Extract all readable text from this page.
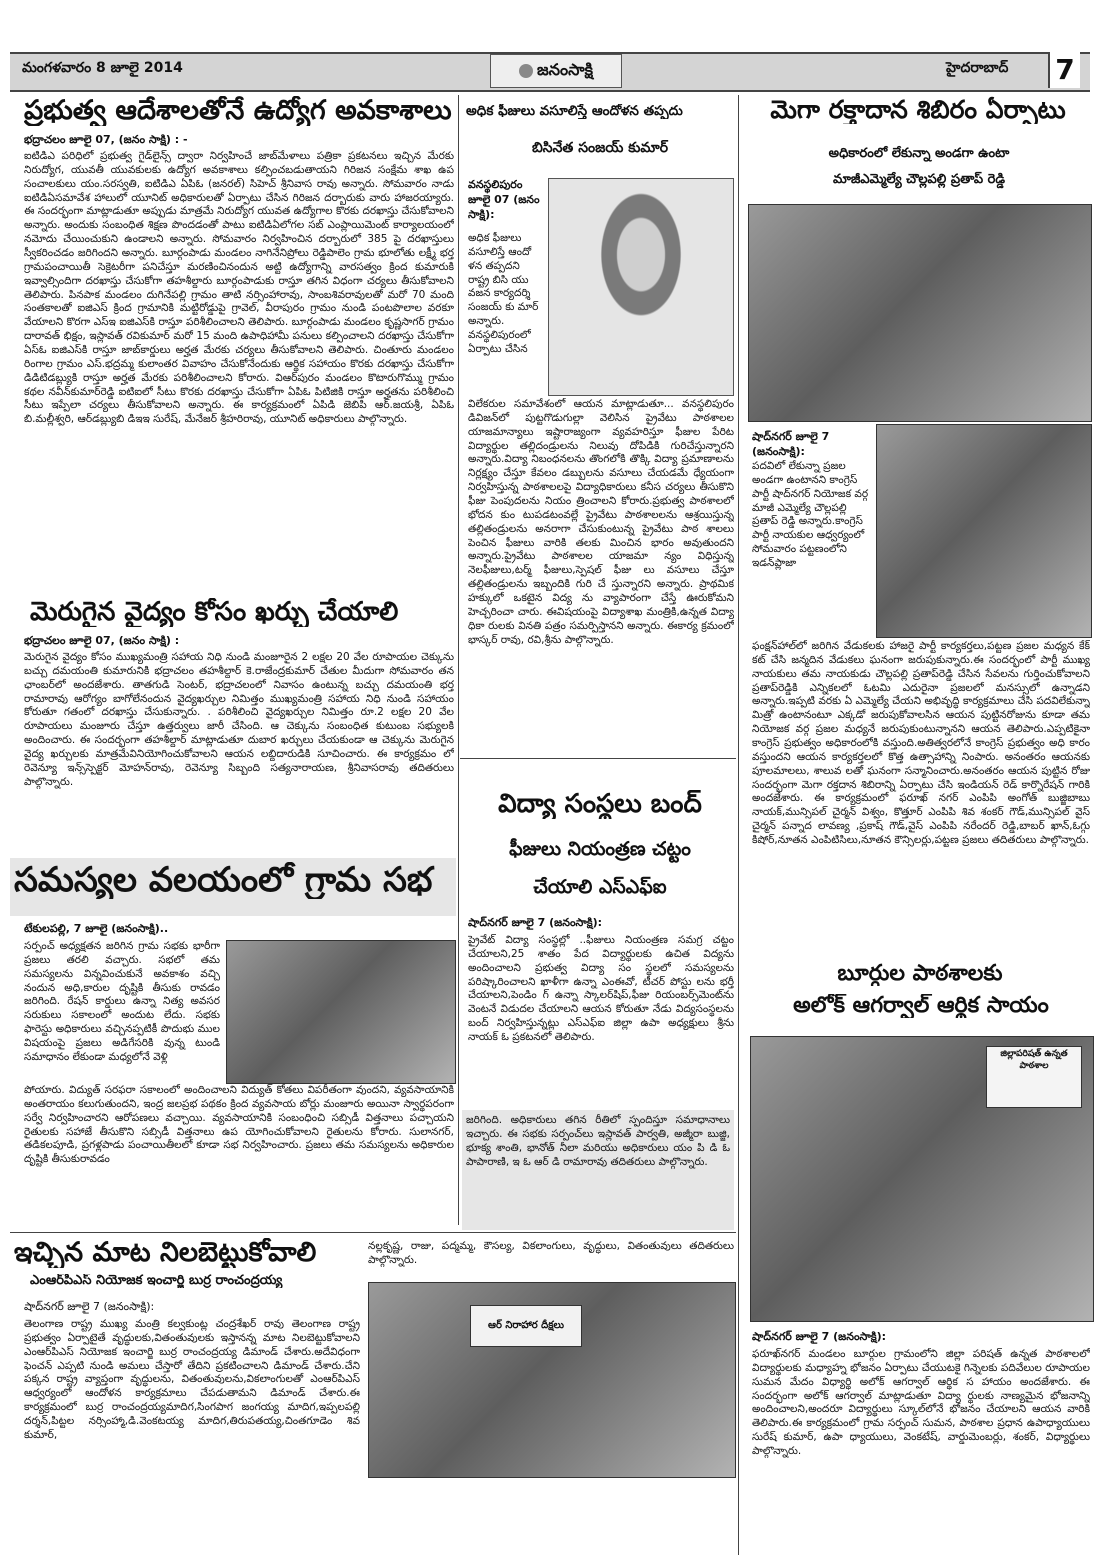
మంగళవారం 8 జూలై 2014	జనంసాక్షి	హైదరాబాద్ 7
ప్రభుత్వ ఆదేశాలతోనే ఉద్యోగ అవకాశాలు
భద్రాచలం జూలై 07, (జనం సాక్షి) : -
ఐటిడిఎ పరిధిలో ప్రభుత్వ గైడ్‌లైన్స్‌ ద్వారా నిర్వహించే జాబ్‌మేళాలు పత్రికా ప్రకటనలు ఇచ్చిన మేరకు నిరుద్యోగ, యువతీ యువకులకు ఉద్యోగ అవకాశాలు కల్పించబడుతాయని గిరిజన సంక్షేమ శాఖ ఉప సంచాలకులు యం.సరస్వతి, ఐటిడిఎ ఏపిఓ (జనరల్‌) సిహెచ్‌ శ్రీనివాస రావు అన్నారు. సోమవారం నాడు ఐటిడిఏసమావేశ హాలులో యూనిట్‌ అధికారులతో ఏర్పాటు చేసిన గిరిజన దర్బారుకు వారు హాజరయ్యారు. ఈ సందర్భంగా మాట్లాడుతూ అప్పుడు మాత్రమే నిరుద్యోగ యువత ఉద్యోగాల కొరకు దరఖాస్తు చేసుకోవాలని అన్నారు. అందుకు సంబంధిత శిక్షణ పొందడంతో పాటు ఐటిడిఏలోగల సబ్‌ ఎంప్లాయిమెంట్‌ కార్యాలయంలో నమోదు చేయించుకుని ఉండాలని అన్నారు. సోమవారం నిర్వహించిన దర్బారులో 385 పై దరఖాస్తులు స్వీకరించడం జరిగిందని అన్నారు. బూర్గంపాడు మండలం నాగినేనిప్రోలు రెడ్డిపాలెం గ్రామ భూలోతు లక్ష్మీ భర్త గ్రామపంచాయితీ సెక్రెటరీగా పనిచేస్తూ మరణించినందున అట్టి ఉద్యోగాన్ని వారసత్వం క్రింద కుమారుకి ఇవ్వాల్సిందిగా దరఖాస్తు చేసుకోగా తహశీల్దారు బూర్గంపాడుకు రాస్తూ తగిన విధంగా చర్యలు తీసుకోవాలని తెలిపారు. పినపాక మండలం దుగినేపల్లి గ్రామం తాటి నర్సింహారావు, సాంబశివరావులతో మరో 70 మంది సంతకాలతో ఐజిఎస్‌ క్రింద గ్రామానికి మట్టిరోడ్డుపై గ్రావెల్‌, వీరాపురం గ్రామం నుండి పంటపొలాల వరకూ వేయాలని కొరగా ఎస్‌ఇ ఐజిఎస్‌కి రాస్తూ పరిశీలించాలని తెలిపారు. బూర్గంపాడు మండలం కృష్ణసాగర్‌ గ్రామం దారావత్‌ భిక్షం, ఇస్లావత్‌ రవికుమార్‌ మరో 15 మంది ఉపాధిహామీ పనులు కల్పించాలని దరఖాస్తు చేసుకోగా ఏస్‌ఓ ఐజిఎస్‌కి రాస్తూ జాబ్‌కార్డులు అర్హత మేరకు చర్యలు తీసుకోవాలని తెలిపారు. చింతూరు మండలం రింగాల గ్రామం ఎస్‌.భద్రమ్మ కులాంతర వివాహం చేసుకోనేందుకు ఆర్థిక సహాయం కొరకు దరఖాస్తు చేసుకోగా డిడిటిడబ్ల్యుకి రాస్తూ అర్హత మేరకు పరిశీలించాలని కోరారు. విఆర్‌పురం మండలం కొటారుగొమ్ము గ్రామం కథల నవీన్‌కుమార్‌రెడ్డి ఐటిఐలో సీటు కొరకు దరఖాస్తు చేసుకోగా ఏపిఓ పిటిజికి రాస్తూ అర్హతను పరిశీలించి సీటు ఇప్పేలా చర్యలు తీసుకోవాలని అన్నారు. ఈ కార్యక్రమంలో ఏపిడి జెబిపి ఆర్‌.జయశ్రీ, ఏపిఓ బి.మల్లీశ్వరి, ఆర్‌డబ్ల్యుబి డిఇఇ సురేష్‌, మేనేజర్‌ శ్రీహరిరావు, యూనిట్‌ అధికారులు పాల్గొన్నారు.
మెరుగైన వైద్యం కోసం ఖర్చు చేయాలి
భద్రాచలం జూలై 07, (జనం సాక్షి) :
మెరుగైన వైద్యం కోసం ముఖ్యమంత్రి సహాయ నిధి నుండి మంజూరైన 2 లక్షల 20 వేల రూపాయల చెక్కును బచ్చు దమయంతి కుమారునికి భద్రాచలం తహశీల్దార్‌ కె.రాజేంద్రకుమార్‌ చేతుల మీదుగా సోమవారం తన ఛాంబర్‌లో అందజేశారు. తాతగుడి సెంటర్‌, భద్రాచలంలో నివాసం ఉంటున్న బచ్చు దమయంతి భర్త రామారావు ఆరోగ్యం బాగోలేనందున వైద్యఖర్చుల నిమిత్తం ముఖ్యమంత్రి సహాయ నిధి నుండి సహాయం కోరుతూ గతంలో దరఖాస్తు చేసుకున్నారు. . పరిశీలించి వైద్యఖర్చుల నిమిత్తం రూ.2 లక్షల 20 వేల రూపాయలు మంజూరు చేస్తూ ఉత్తర్వులు జారీ చేసింది. ఆ చెక్కును సంబంధిత కుటుంబ సభ్యులకి అందించారు. ఈ సందర్భంగా తహశీల్దార్‌ మాట్లాడుతూ దుబార ఖర్చులు చేయకుండా ఆ చెక్కును మెరుగైన వైద్య ఖర్చులకు మాత్రమేవినియోగించుకోవాలని ఆయన లబ్దిదారుడికి సూచించారు. ఈ కార్యక్రమం లో రెవెన్యూ ఇన్స్‌స్పెక్టర్‌ మోహన్‌రావు, రెవెన్యూ సిబ్బంది సత్యనారాయణ, శ్రీనివాసరావు తదితరులు పాల్గొన్నారు.
సమస్యల వలయంలో గ్రామ సభ
టేకులపల్లి, 7 జూలై (జనంసాక్షి)..
సర్పంచ్‌ అధ్యక్షతన జరిగిన గ్రామ సభకు భారీగా ప్రజలు తరలి వచ్చారు. సభలో తమ సమస్యలను విన్నవించుకునే అవకాశం వచ్చి నందున అధి,కారుల దృష్టికి తీసుకు రావడం జరిగింది. రేషన్‌ కార్డులు ఉన్నా నిత్య అవసర సరుకులు సకాలంలో అందుట లేదు. సభకు ఫారెస్టు అధికారులు వచ్చినప్పటికీ పొదుభు ముల విషయంపై ప్రజలు అడిగేసరికి వున్న టుండి సమాధానం లేకుండా మధ్యలోనే వెళ్లి
పోయారు. విద్యుత్‌ సరఫరా సకాలంలో అందించాలని విద్యుత్‌ కోతలు విపరీతంగా వుందని, వ్యవసాయానికి అంతరాయం కలుగుతుందని, ఇంద్ర జలప్రభ పథకం క్రింద వ్యవసాయ బోర్లు మంజూరు అయినా స్వార్థపరంగా సర్వే నిర్వహించారని ఆరోపణలు వచ్చాయి. వ్యవసాయానికి సంబంధించి సబ్సిడీ విత్తనాలు పచ్చాయని రైతులకు సహాజే తీసుకొని సబ్సిడీ విత్తనాలు ఉప యోగించుకోవాలని రైతులను కోరారు. సులానగర్‌, తడికలపూడి, ప్రగళ్లపాడు పంచాయితీలలో కూడా సభ నిర్వహించారు. ప్రజలు తమ సమస్యలను అధికారుల దృష్టికి తీసుకురావడం
జరిగింది. అధికారులు తగిన రీతిలో స్పందిస్తూ సమాధానాలు ఇచ్చారు. ఈ సభకు సర్పంచ్‌లు ఇస్లావత్‌ పార్వతి, అజ్మీరా బుజ్జి, భూక్య శాంతి, భానోత్‌ నీలా మరియు అధికారులు యం పి డి ఓ పాపారాణి, ఇ ఓ ఆర్‌ డి రామారావు తదితరులు పాల్గొన్నారు.
ఇచ్చిన మాట నిలబెట్టుకోవాలి
ఎంఆర్‌పిఎస్‌ నియోజక ఇంచార్జి బుర్ర రాంచంద్రయ్య
షాద్‌నగర్‌ జూలై 7 (జనంసాక్షి):
తెలంగాణ రాష్ట్ర ముఖ్య మంత్రి కల్వకుంట్ల చంద్రశేఖర్‌ రావు తెలంగాణ రాష్ట్ర ప్రభుత్వం ఏర్పాటైతే వృద్ధులకు,వితంతువులకు ఇస్తానన్న మాట నిలబెట్టుకోవాలని ఎంఆర్‌పిఎస్‌ నియోజక ఇంచార్జి బుర్ర రాంచంద్రయ్య డిమాండ్‌ చేశారు.అదేవిధంగా ఫెంచన్‌ ఎప్పటి నుండి అమలు చేస్తారో తేదిని ప్రకటించాలని డిమాండ్‌ చేశారు.చేని పక్కన రాష్ట్ర వ్యాప్తంగా వృద్ధులను, వితంతువులను,వికలాంగులతో ఎంఆర్‌పిఎస్‌ ఆధ్వర్యంలో ఆందోళన కార్యక్రమాలు చేపడుతామని డిమాండ్‌ చేశారు.ఈ కార్యక్రమంలో బుర్ర రాంచంద్రయ్యమాదిగ,సింగపాగ జంగయ్య మాదిగ,ఇప్పలపల్లి దర్శన్‌,పిట్టల నర్సింహ్మా,డి.వెంకటయ్య మాదిగ,తిరుపతయ్య,చింతగూడెం శివ కుమార్‌,
నల్లకృష్ణ, రాజు, పద్మమ్మ, కౌసల్య, వికలాంగులు, వృద్ధులు, వితంతువులు తదితరులు పాల్గొన్నారు.
ఆర్‌ నిరాహార దీక్షలు
అధిక ఫీజులు వసూలిస్తే ఆందోళన తప్పదు
బిసినేత సంజయ్‌ కుమార్‌
వనస్థలిపురం జూలై 07 (జనం సాక్షి):
అధిక ఫీజులు వసూలిస్తే ఆందో ళన తప్పదని రాష్ట్ర బిసి యు వజన కార్యదర్శి సంజయ్‌ కు మార్‌ అన్నారు. వనస్థలిపురంలో ఏర్పాటు చేసిన
విలేకరుల సమావేశంలో ఆయన మాట్లాడుతూ... వనస్థలిపురం డివిజన్‌లో పుట్టగొడుగుల్లా వెలిసిన ప్రైవేటు పాఠశాలల యాజమాన్యాలు ఇష్టారాజ్యంగా వ్యవహరిస్తూ ఫీజుల పేరిట విద్యార్థుల తల్లిదండ్రులను నిలువు దోపిడికి గురిచేస్తున్నారని అన్నారు.విద్యా నిబంధనలను తొంగలోకి తొక్కి విద్యా ప్రమాణాలను నిర్లక్ష్యం చేస్తూ కేవలం డబ్బులను వసూలు చేయడమే ధ్యేయంగా నిర్వహిస్తున్న పాఠశాలలపై విద్యాధికారులు కనీస చర్యలు తీసుకొని ఫీజు పెంపుదలను నియం త్రించాలని కోరారు.ప్రభుత్వ పాఠశాలలో భోదన కుం టుపడటంవల్లే ప్రైవేటు పాఠశాలలను ఆశ్రయిస్తున్న తల్లితండ్రులను అనరాగా చేసుకుంటున్న ప్రైవేటు పాఠ శాలలు పెంచిన ఫీజులు వారికి తలకు మించిన భారం అవుతుందని అన్నారు.ప్రైవేటు పాఠశాలల యాజమా న్యం విధిస్తున్న నెలఫీజులు,టర్మ్‌ ఫీజులు,స్పెషల్‌ ఫీజు లు వసూలు చేస్తూ తల్లితండ్రులను ఇబ్బందికి గురి చే స్తున్నారని అన్నారు. ప్రాథమిక హక్కులో ఒకటైన విద్య ను వ్యాపారంగా చేస్తే ఊరుకోమని హెచ్చరించా చారు. ఈవిషయంపై విద్యాశాఖ మంత్రికి,ఉన్నత విద్యా ధికా రులకు వినతి పత్రం సమర్పిస్తానని అన్నారు. ఈకార్య క్రమంలో భాస్కర్‌ రావు, రవి,శ్రీను పాల్గొన్నారు.
విద్యా సంస్థలు బంద్‌
ఫీజులు నియంత్రణ చట్టం
చేయాలి ఎస్‌ఎఫ్‌ఐ
షాద్‌నగర్‌ జూలై 7 (జనంసాక్షి):
ప్రైవేట్‌ విద్యా సంస్థల్లో ..ఫీజులు నియంత్రణ సమగ్ర చట్టం చేయాలని,25 శాతం పేద విద్యార్థులకు ఉచిత విద్యను అందించాలని ప్రభుత్వ విద్యా సం స్థలలో సమస్యలను పరిష్కారించాలని ఖాళీగా ఉన్నా ఎంఈవో, టీచర్‌ పోస్టు లను భర్తీ చేయాలని,పెండిం గ్‌ ఉన్నా స్కాలర్‌షిప్‌,ఫీజు రియంబర్స్‌మెంట్‌ను వెంటనే విడుదల చేయాలని ఆయన కోరుతూ నేడు విద్యసంస్థలను బంద్‌ నిర్వహిస్తున్నట్లు ఎస్‌ఎఫ్‌ఐ జిల్లా ఉపా అధ్యక్షులు శ్రీను నాయక్‌ ఓ ప్రకటనలో తెలిపారు.
మెగా రక్తాదాన శిబిరం ఏర్పాటు
అధికారంలో లేకున్నా అండగా ఉంటా
మాజీఎమ్మెల్యే చౌల్లపల్లి ప్రతాప్‌ రెడ్డి
షాద్‌నగర్‌ జూలై 7 (జనంసాక్షి):
పదవిలో లేకున్నా ప్రజల అండగా ఉంటానని కాంగ్రెస్‌ పార్టీ షాద్‌నగర్‌ నియోజక వర్గ మాజీ ఎమ్మెల్యే చౌల్లపల్లి ప్రతాప్‌ రెడ్డి అన్నారు.కాంగ్రెస్‌ పార్టీ నాయకుల ఆధ్వర్యంలో సోమవారం పట్టణంలోని ఇడన్‌ప్లాజా
ఫంక్షన్‌హాల్‌లో జరిగిన వేడుకలకు హాజరై పార్టీ కార్యకర్తలు,పట్టణ ప్రజల మధ్యన కేక్‌ కట్‌ చేసి జన్మదిన వేడుకలు ఘనంగా జరుపుకున్నారు.ఈ సందర్భంలో పార్టీ ముఖ్య నాయకులు తమ నాయకుడు చౌల్లపల్లి ప్రతాప్‌రెడ్డి చేసిన సేవలను గుర్తించుకోవాలని ప్రతాప్‌రెడ్డికి ఎన్నికలలో ఓటమి ఎదురైనా ప్రజలలో మనస్సులో ఉన్నాడని అన్నారు.ఇప్పటి వరకు ఏ ఎమ్మెల్యే చేయని అభివృద్ధి కార్యక్రమాలు చేసి పదవిలేకున్నా మిత్రో ఉంటానంటూ ఎక్కడో జరుపుకోవాలసిన ఆయన పుట్టినరోజును కూడా తమ నియోజక వర్గ ప్రజల మధ్యనే జరుపుకుంటున్నానని ఆయన తెలిపారు.ఎప్పటికైనా కాంగ్రెస్‌ ప్రభుత్వం అధికారంలోకి వస్తుంది.అతిత్వరలోనే కాంగ్రెస్‌ ప్రభుత్వం అధి కారం వస్తుందని ఆయన కార్యకర్తలలో కొత్త ఉత్సాహాన్ని నింపారు. అనంతరం ఆయనకు పూలమాలలు, శాలువ లతో ఘనంగా సన్మానించారు.అనంతరం ఆయన పుట్టిన రోజు సందర్భంగా మెగా రక్తదాన శిబిరాన్ని ఏర్పాటు చేసి ఇండియన్‌ రెడ్‌ కార్నొరేషన్‌ గారికి అందజేశారు. ఈ కార్యక్రమంలో ఫరూఖ్‌ నగర్‌ ఎంపిపి అంగోత్‌ బుజ్జిబాబు నాయక్‌,మున్సిపల్‌ చైర్మన్‌ విశ్వం, కొత్తూర్‌ ఎంపిపి శివ శంకర్‌ గౌడ్‌,మున్సిపల్‌ వైస్‌ చైర్మన్‌ పన్నాద లావణ్య ,ప్రకాష్‌ గౌడ్‌,వైస్‌ ఎంపిపి నరేందర్‌ రెడ్డి,బాబర్‌ ఖాన్‌,ఓగ్గు కిషోర్‌,నూతన ఎంపిటిసిలు,నూతన కౌన్సిలర్లు,పట్టణ ప్రజలు తదితరులు పాల్గొన్నారు.
బూర్గుల పాఠశాలకు
అలోక్‌ ఆగర్వాల్‌ ఆర్థిక సాయం
జిల్లాపరిషత్‌ ఉన్నత పాఠశాల
షాద్‌నగర్‌ జూలై 7 (జనంసాక్షి):
ఫరూఖ్‌నగర్‌ మండలం బూర్గుల గ్రామంలోని జిల్లా పరిషత్‌ ఉన్నత పాఠశాలలో విద్యార్థులకు మధ్యాహ్న భోజనం ఏర్పాటు చేయుటకై గిన్నెలకు పదివేలుల రూపాయల సుమన మేదం విధ్యార్థి అలోక్‌ ఆగర్వాల్‌ ఆర్థిక స హాయం అందజేశారు. ఈ సందర్భంగా అలోక్‌ ఆగర్వాల్‌ మాట్లాడుతూ విద్యా ర్థులకు నాణ్యమైన భోజనాన్ని అందించాలని,అందరూ విద్యార్థులు స్కూల్‌లోనే భోజనం చేయాలని ఆయన వారికి తెలిపారు.ఈ కార్యక్రమంలో గ్రామ సర్పంచ్‌ సుమన, పాఠశాల ప్రధాన ఉపాధ్యాయులు సురేష్‌ కుమార్‌, ఉపా ధ్యాయులు, వెంకటేష్‌, వార్డుమెంబర్లు, శంకర్‌, విధ్యార్థులు పాల్గొన్నారు.
